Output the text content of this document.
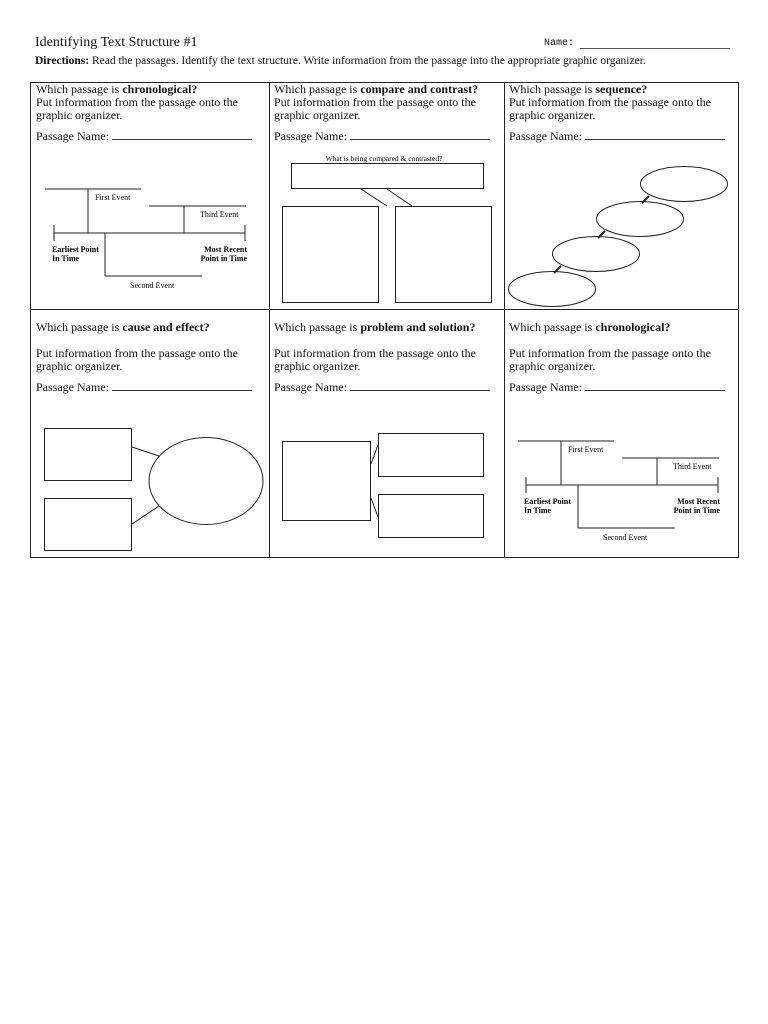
Identifying Text Structure #1	Name:
Directions: Read the passages. Identify the text structure. Write information from the passage into the appropriate graphic organizer.
Which passage is chronological?
Put information from the passage onto the graphic organizer.
Passage Name:
First Event
Third Event
Second Event
Earliest Point
In Time
Most Recent
Point in Time
Which passage is compare and contrast?
Put information from the passage onto the graphic organizer.
Passage Name:
What is being compared & contrasted?
Which passage is sequence?
Put information from the passage onto the graphic organizer.
Passage Name:
Which passage is cause and effect?
Put information from the passage onto the graphic organizer.
Passage Name:
Which passage is problem and solution?
Put information from the passage onto the graphic organizer.
Passage Name:
Which passage is chronological?
Put information from the passage onto the graphic organizer.
Passage Name:
First Event
Third Event
Second Event
Earliest Point
In Time
Most Recent
Point in Time
